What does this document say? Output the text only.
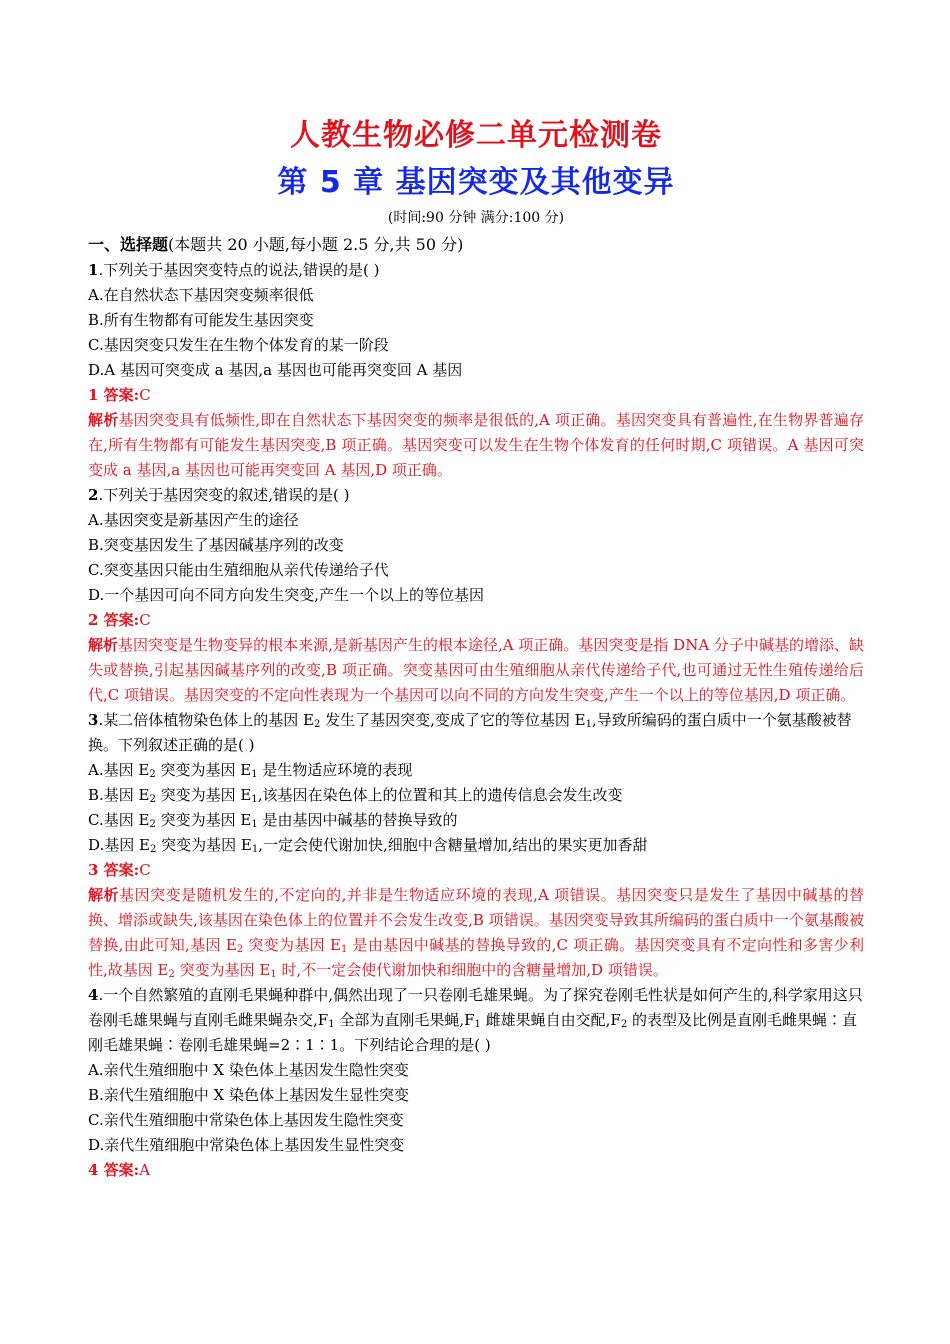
人教生物必修二单元检测卷
第 5 章 基因突变及其他变异
(时间:90 分钟 满分:100 分)
一、选择题(本题共 20 小题,每小题 2.5 分,共 50 分)
1.下列关于基因突变特点的说法,错误的是( )
A.在自然状态下基因突变频率很低
B.所有生物都有可能发生基因突变
C.基因突变只发生在生物个体发育的某一阶段
D.A 基因可突变成 a 基因,a 基因也可能再突变回 A 基因
1 答案:C
解析基因突变具有低频性,即在自然状态下基因突变的频率是很低的,A 项正确。基因突变具有普遍性,在生物界普遍存在,所有生物都有可能发生基因突变,B 项正确。基因突变可以发生在生物个体发育的任何时期,C 项错误。A 基因可突变成 a 基因,a 基因也可能再突变回 A 基因,D 项正确。
2.下列关于基因突变的叙述,错误的是( )
A.基因突变是新基因产生的途径
B.突变基因发生了基因碱基序列的改变
C.突变基因只能由生殖细胞从亲代传递给子代
D.一个基因可向不同方向发生突变,产生一个以上的等位基因
2 答案:C
解析基因突变是生物变异的根本来源,是新基因产生的根本途径,A 项正确。基因突变是指 DNA 分子中碱基的增添、缺失或替换,引起基因碱基序列的改变,B 项正确。突变基因可由生殖细胞从亲代传递给子代,也可通过无性生殖传递给后代,C 项错误。基因突变的不定向性表现为一个基因可以向不同的方向发生突变,产生一个以上的等位基因,D 项正确。
3.某二倍体植物染色体上的基因 $E_2$ 发生了基因突变,变成了它的等位基因 $E_1$,导致所编码的蛋白质中一个氨基酸被替换。下列叙述正确的是( )
A.基因 $E_2$ 突变为基因 $E_1$ 是生物适应环境的表现
B.基因 $E_2$ 突变为基因 $E_1$,该基因在染色体上的位置和其上的遗传信息会发生改变
C.基因 $E_2$ 突变为基因 $E_1$ 是由基因中碱基的替换导致的
D.基因 $E_2$ 突变为基因 $E_1$,一定会使代谢加快,细胞中含糖量增加,结出的果实更加香甜
3 答案:C
解析基因突变是随机发生的,不定向的,并非是生物适应环境的表现,A 项错误。基因突变只是发生了基因中碱基的替换、增添或缺失,该基因在染色体上的位置并不会发生改变,B 项错误。基因突变导致其所编码的蛋白质中一个氨基酸被替换,由此可知,基因 $E_2$ 突变为基因 $E_1$ 是由基因中碱基的替换导致的,C 项正确。基因突变具有不定向性和多害少利性,故基因 $E_2$ 突变为基因 $E_1$ 时,不一定会使代谢加快和细胞中的含糖量增加,D 项错误。
4.一个自然繁殖的直刚毛果蝇种群中,偶然出现了一只卷刚毛雄果蝇。为了探究卷刚毛性状是如何产生的,科学家用这只卷刚毛雄果蝇与直刚毛雌果蝇杂交$,F_1$ 全部为直刚毛果蝇$,F_1$ 雌雄果蝇自由交配$,F_2$ 的表型及比例是直刚毛雌果蝇∶直刚毛雄果蝇∶卷刚毛雄果蝇=2∶1∶1。下列结论合理的是( )
A.亲代生殖细胞中 X 染色体上基因发生隐性突变
B.亲代生殖细胞中 X 染色体上基因发生显性突变
C.亲代生殖细胞中常染色体上基因发生隐性突变
D.亲代生殖细胞中常染色体上基因发生显性突变
4 答案:A
